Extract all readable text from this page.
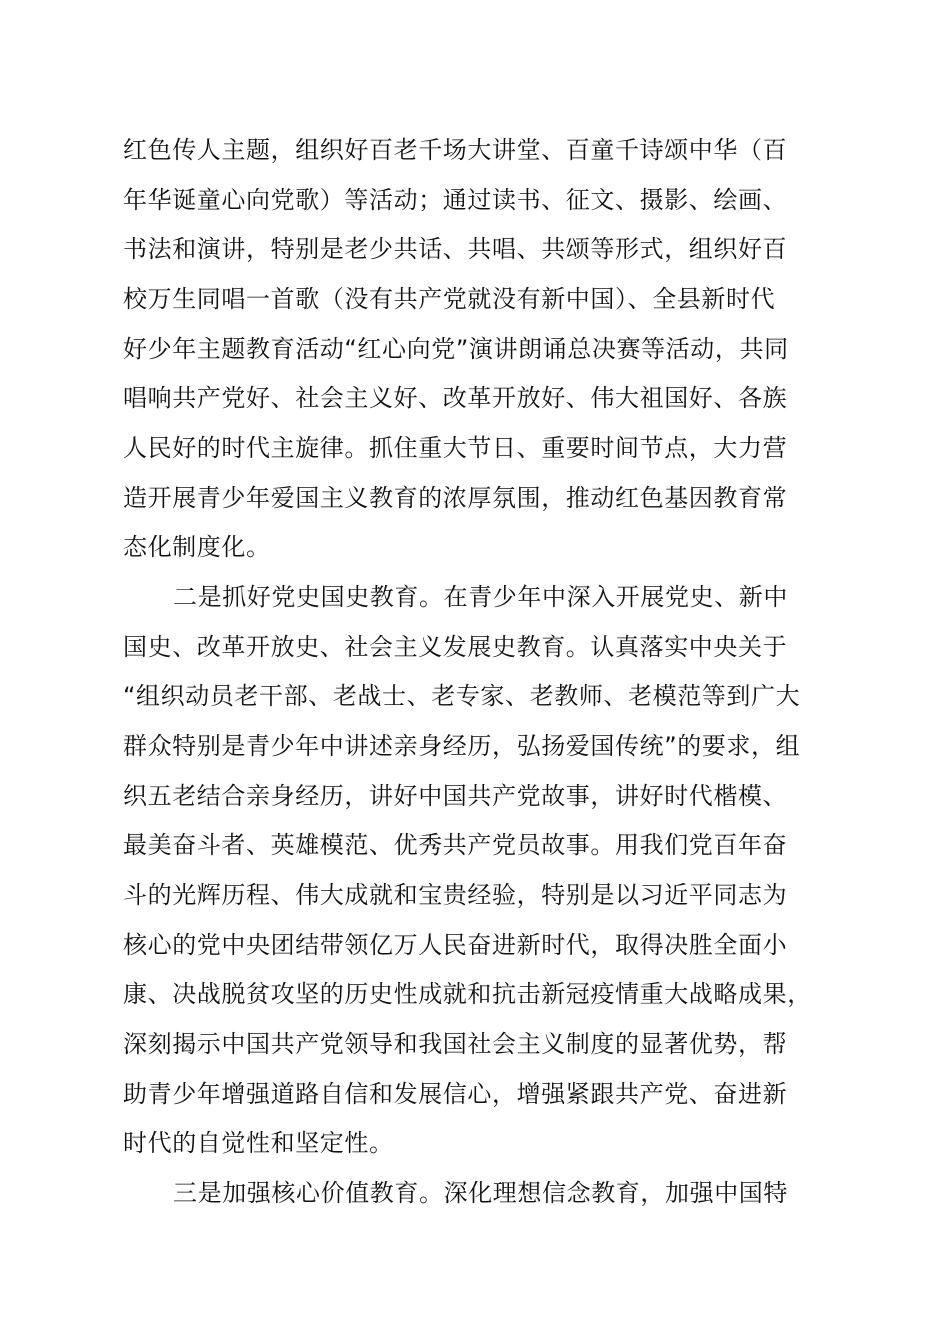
红色传人主题，组织好百老千场大讲堂、百童千诗颂中华（百
年华诞童心向党歌）等活动；通过读书、征文、摄影、绘画、
书法和演讲，特别是老少共话、共唱、共颂等形式，组织好百
校万生同唱一首歌（没有共产党就没有新中国）、全县新时代
好少年主题教育活动“红心向党”演讲朗诵总决赛等活动，共同
唱响共产党好、社会主义好、改革开放好、伟大祖国好、各族
人民好的时代主旋律。抓住重大节日、重要时间节点，大力营
造开展青少年爱国主义教育的浓厚氛围，推动红色基因教育常
态化制度化。
二是抓好党史国史教育。在青少年中深入开展党史、新中
国史、改革开放史、社会主义发展史教育。认真落实中央关于
“组织动员老干部、老战士、老专家、老教师、老模范等到广大
群众特别是青少年中讲述亲身经历，弘扬爱国传统”的要求，组
织五老结合亲身经历，讲好中国共产党故事，讲好时代楷模、
最美奋斗者、英雄模范、优秀共产党员故事。用我们党百年奋
斗的光辉历程、伟大成就和宝贵经验，特别是以习近平同志为
核心的党中央团结带领亿万人民奋进新时代，取得决胜全面小
康、决战脱贫攻坚的历史性成就和抗击新冠疫情重大战略成果，
深刻揭示中国共产党领导和我国社会主义制度的显著优势，帮
助青少年增强道路自信和发展信心，增强紧跟共产党、奋进新
时代的自觉性和坚定性。
三是加强核心价值教育。深化理想信念教育，加强中国特
